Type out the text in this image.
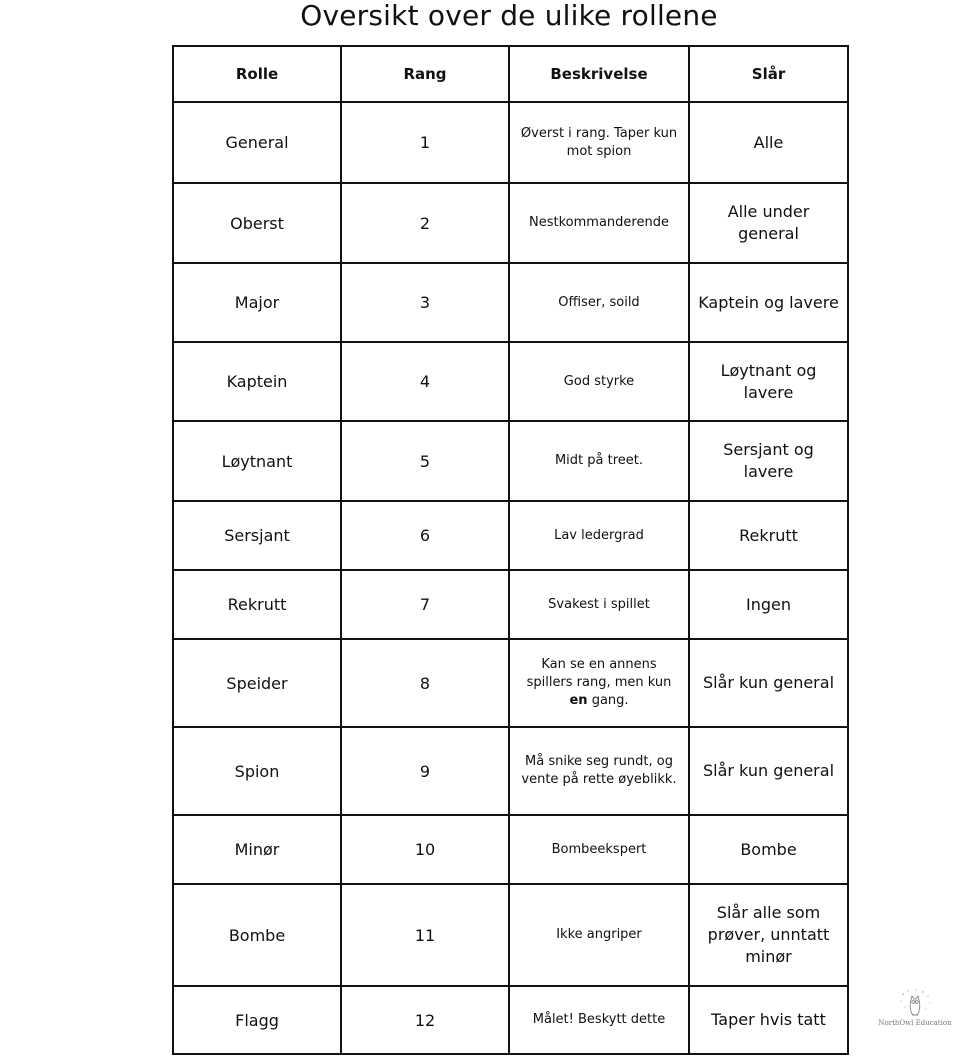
Oversikt over de ulike rollene
Rolle	Rang	Beskrivelse	Slår
General	1	Øverst i rang. Taper kun mot spion	Alle
Oberst	2	Nestkommanderende	Alle under general
Major	3	Offiser, soild	Kaptein og lavere
Kaptein	4	God styrke	Løytnant og lavere
Løytnant	5	Midt på treet.	Sersjant og lavere
Sersjant	6	Lav ledergrad	Rekrutt
Rekrutt	7	Svakest i spillet	Ingen
Speider	8	Kan se en annens spillers rang, men kun en gang.	Slår kun general
Spion	9	Må snike seg rundt, og vente på rette øyeblikk.	Slår kun general
Minør	10	Bombeekspert	Bombe
Bombe	11	Ikke angriper	Slår alle som prøver, unntatt minør
Flagg	12	Målet! Beskytt dette	Taper hvis tatt	NorthOwl Education
